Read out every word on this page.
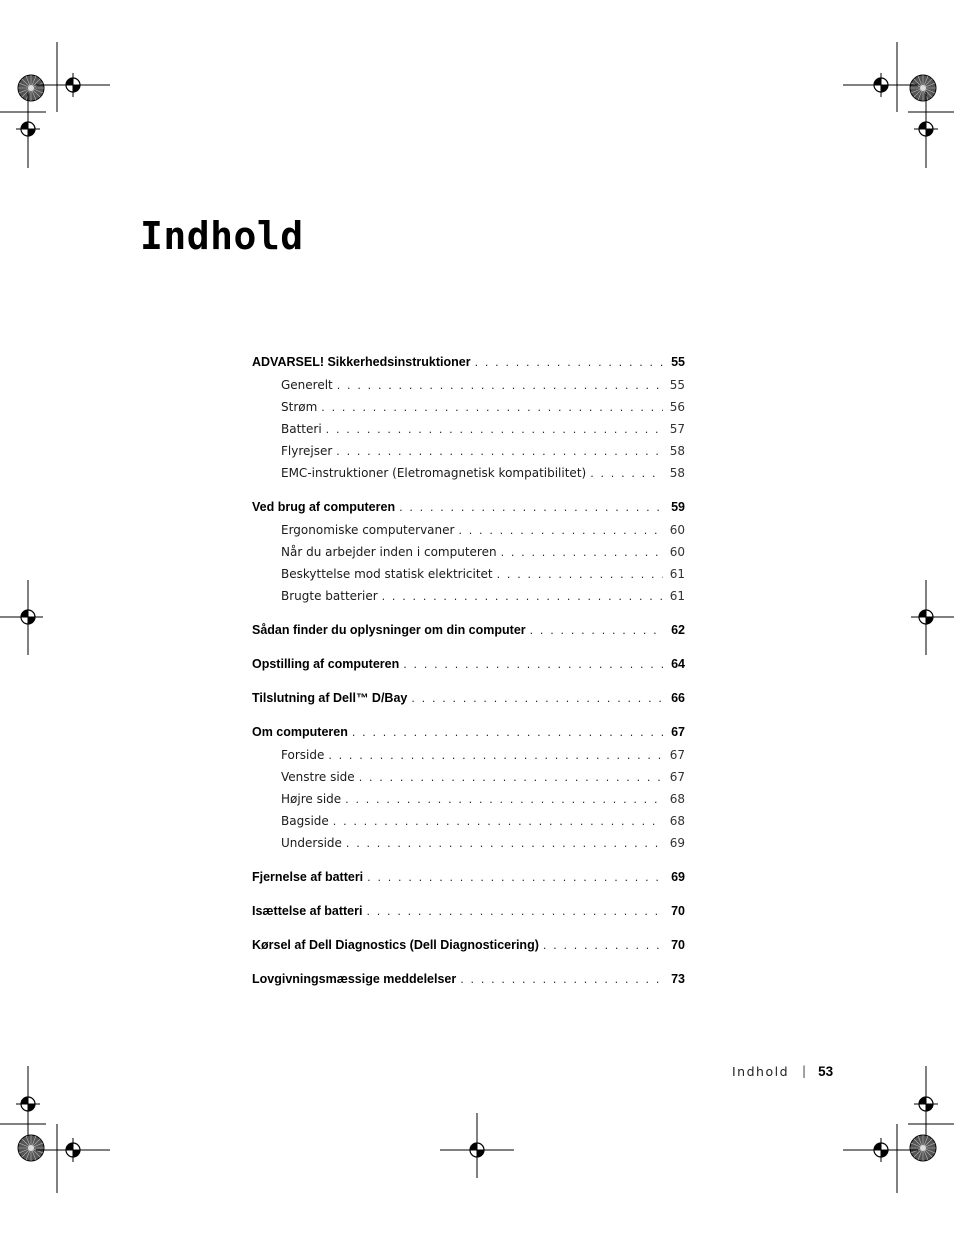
Indhold
ADVARSEL! Sikkerhedsinstruktioner . . .	55
Generelt . . .	55
Strøm . . .	56
Batteri . . .	57
Flyrejser . . .	58
EMC-instruktioner (Eletromagnetisk kompatibilitet) . . .	58
Ved brug af computeren . . .	59
Ergonomiske computervaner . . .	60
Når du arbejder inden i computeren . . .	60
Beskyttelse mod statisk elektricitet . . .	61
Brugte batterier . . .	61
Sådan finder du oplysninger om din computer . . .	62
Opstilling af computeren . . .	64
Tilslutning af Dell™ D/Bay . . .	66
Om computeren . . .	67
Forside . . .	67
Venstre side . . .	67
Højre side . . .	68
Bagside . . .	68
Underside . . .	69
Fjernelse af batteri . . .	69
Isættelse af batteri . . .	70
Kørsel af Dell Diagnostics (Dell Diagnosticering) . . .	70
Lovgivningsmæssige meddelelser . . .	73
Indhold | 53
